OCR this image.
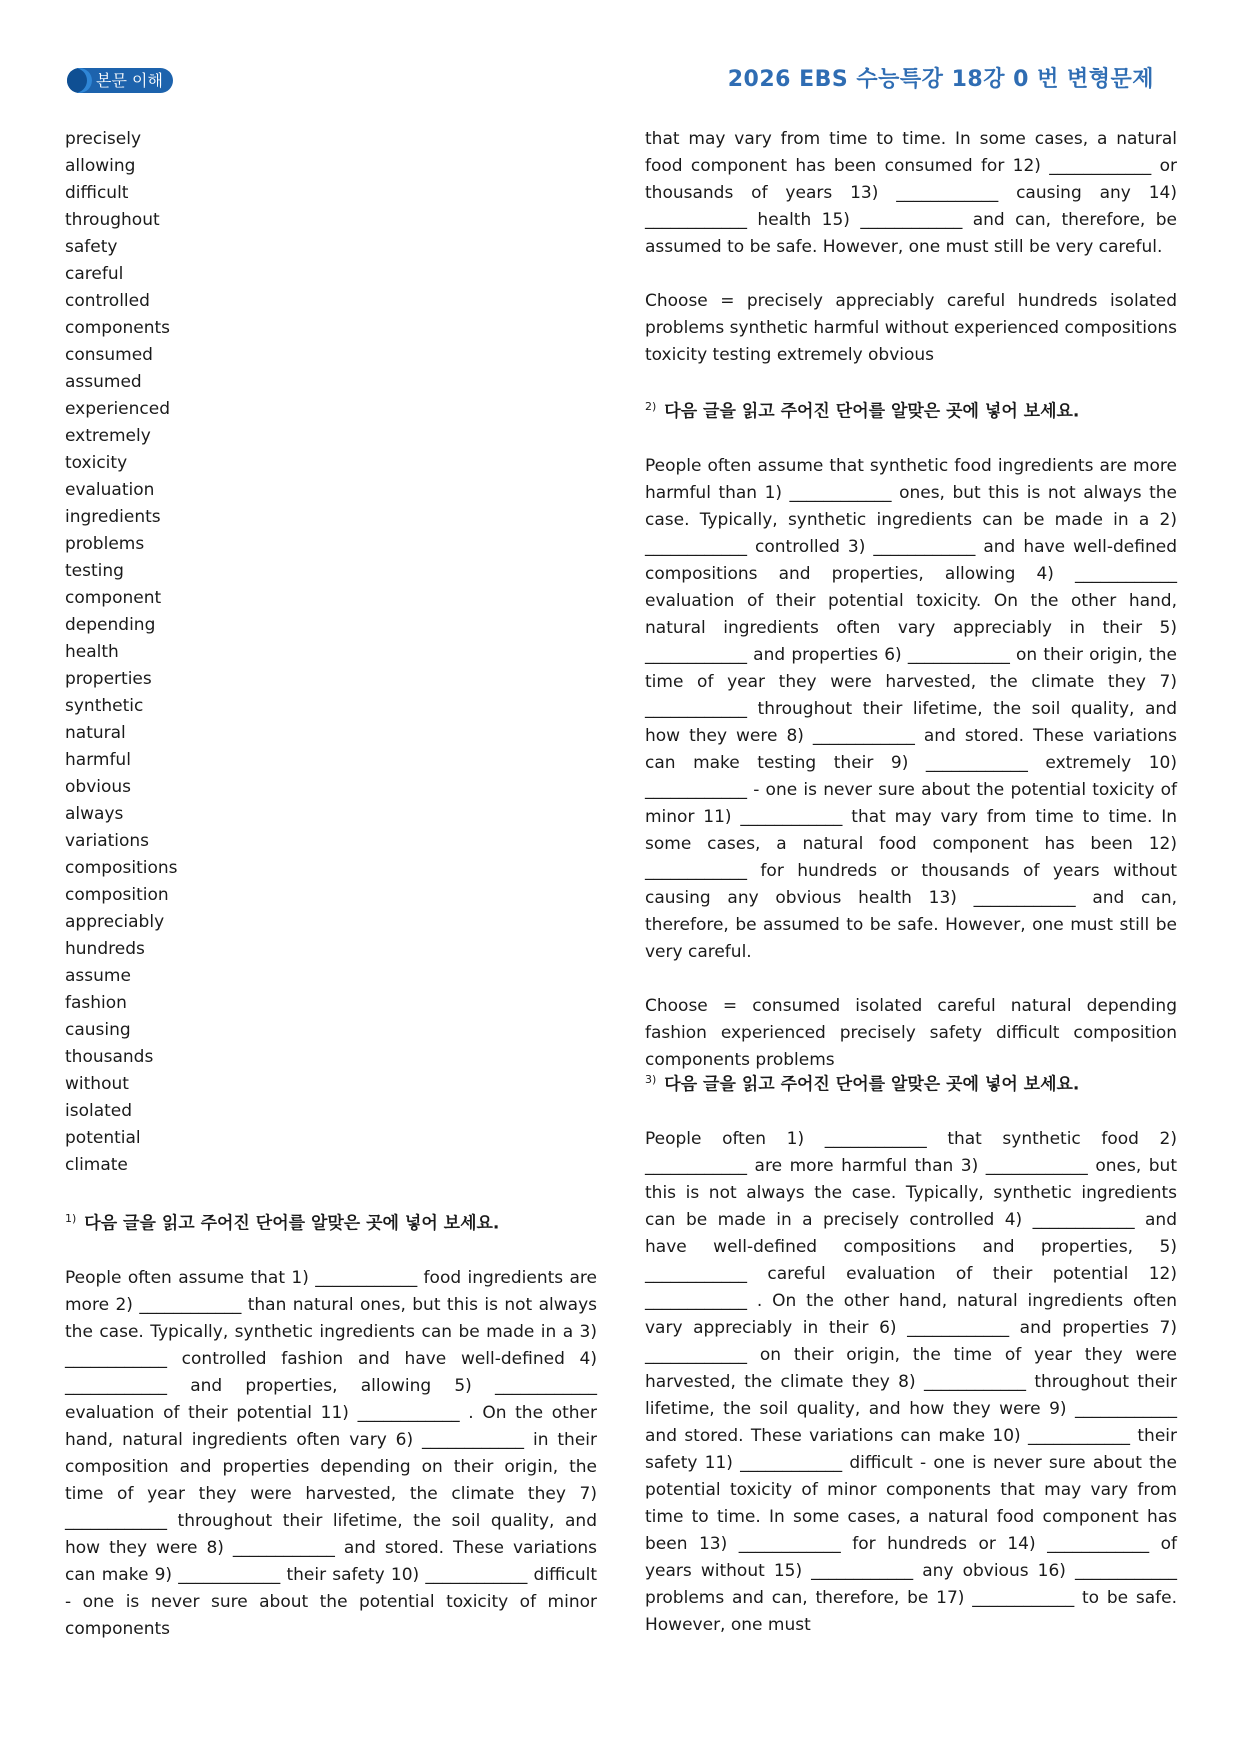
본문 이해	2026 EBS 수능특강 18강 0 번 변형문제
precisely
allowing
difficult
throughout
safety
careful
controlled
components
consumed
assumed
experienced
extremely
toxicity
evaluation
ingredients
problems
testing
component
depending
health
properties
synthetic
natural
harmful
obvious
always
variations
compositions
composition
appreciably
hundreds
assume
fashion
causing
thousands
without
isolated
potential
climate
$^{1)}$ 다음 글을 읽고 주어진 단어를 알맞은 곳에 넣어 보세요.

People often assume that 1) ____________ food ingredients are more 2) ____________ than natural ones, but this is not always the case. Typically, synthetic ingredients can be made in a 3) ____________ controlled fashion and have well-defined 4) ____________ and properties, allowing 5) ____________ evaluation of their potential 11) ____________ . On the other hand, natural ingredients often vary 6) ____________ in their composition and properties depending on their origin, the time of year they were harvested, the climate they 7) ____________ throughout their lifetime, the soil quality, and how they were 8) ____________ and stored. These variations can make 9) ____________ their safety 10) ____________ difficult - one is never sure about the potential toxicity of minor components

that may vary from time to time. In some cases, a natural food component has been consumed for 12) ____________ or thousands of years 13) ____________ causing any 14) ____________ health 15) ____________ and can, therefore, be assumed to be safe. However, one must still be very careful.

Choose = precisely appreciably careful hundreds isolated problems synthetic harmful without experienced compositions toxicity testing extremely obvious

$^{2)}$ 다음 글을 읽고 주어진 단어를 알맞은 곳에 넣어 보세요.

People often assume that synthetic food ingredients are more harmful than 1) ____________ ones, but this is not always the case. Typically, synthetic ingredients can be made in a 2) ____________ controlled 3) ____________ and have well-defined compositions and properties, allowing 4) ____________ evaluation of their potential toxicity. On the other hand, natural ingredients often vary appreciably in their 5) ____________ and properties 6) ____________ on their origin, the time of year they were harvested, the climate they 7) ____________ throughout their lifetime, the soil quality, and how they were 8) ____________ and stored. These variations can make testing their 9) ____________ extremely 10) ____________ - one is never sure about the potential toxicity of minor 11) ____________ that may vary from time to time. In some cases, a natural food component has been 12) ____________ for hundreds or thousands of years without causing any obvious health 13) ____________ and can, therefore, be assumed to be safe. However, one must still be very careful.

Choose = consumed isolated careful natural depending fashion experienced precisely safety difficult composition components problems

$^{3)}$ 다음 글을 읽고 주어진 단어를 알맞은 곳에 넣어 보세요.

People often 1) ____________ that synthetic food 2) ____________ are more harmful than 3) ____________ ones, but this is not always the case. Typically, synthetic ingredients can be made in a precisely controlled 4) ____________ and have well-defined compositions and properties, 5) ____________ careful evaluation of their potential 12) ____________ . On the other hand, natural ingredients often vary appreciably in their 6) ____________ and properties 7) ____________ on their origin, the time of year they were harvested, the climate they 8) ____________ throughout their lifetime, the soil quality, and how they were 9) ____________ and stored. These variations can make 10) ____________ their safety 11) ____________ difficult - one is never sure about the potential toxicity of minor components that may vary from time to time. In some cases, a natural food component has been 13) ____________ for hundreds or 14) ____________ of years without 15) ____________ any obvious 16) ____________ problems and can, therefore, be 17) ____________ to be safe. However, one must
